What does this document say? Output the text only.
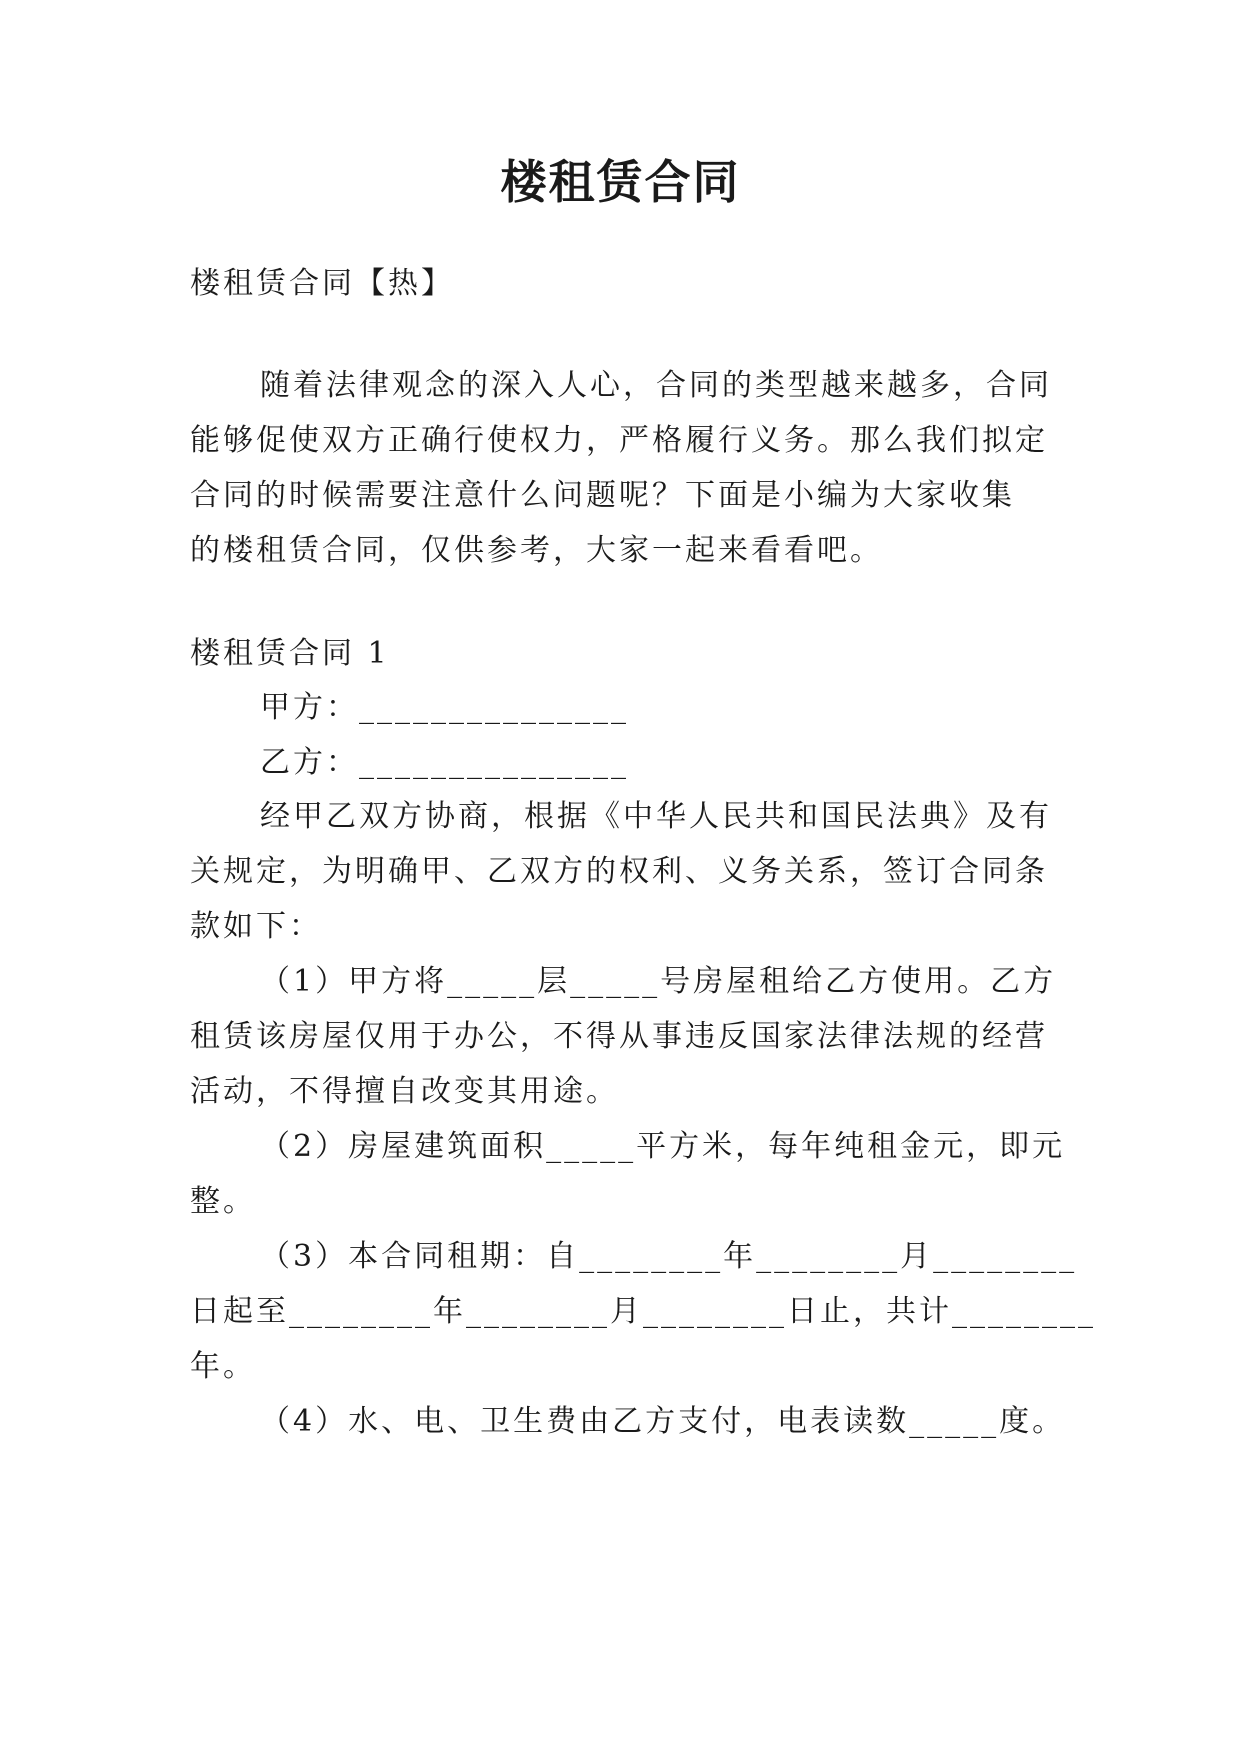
楼租赁合同
楼租赁合同【热】
随着法律观念的深入人心，合同的类型越来越多，合同
能够促使双方正确行使权力，严格履行义务。那么我们拟定
合同的时候需要注意什么问题呢？下面是小编为大家收集
的楼租赁合同，仅供参考，大家一起来看看吧。
楼租赁合同 1
甲方：_______________
乙方：_______________
经甲乙双方协商，根据《中华人民共和国民法典》及有
关规定，为明确甲、乙双方的权利、义务关系，签订合同条
款如下：
（1）甲方将_____层_____号房屋租给乙方使用。乙方
租赁该房屋仅用于办公，不得从事违反国家法律法规的经营
活动，不得擅自改变其用途。
（2）房屋建筑面积_____平方米，每年纯租金元，即元
整。
（3）本合同租期：自________年________月________
日起至________年________月________日止，共计________
年。
（4）水、电、卫生费由乙方支付，电表读数_____度。
